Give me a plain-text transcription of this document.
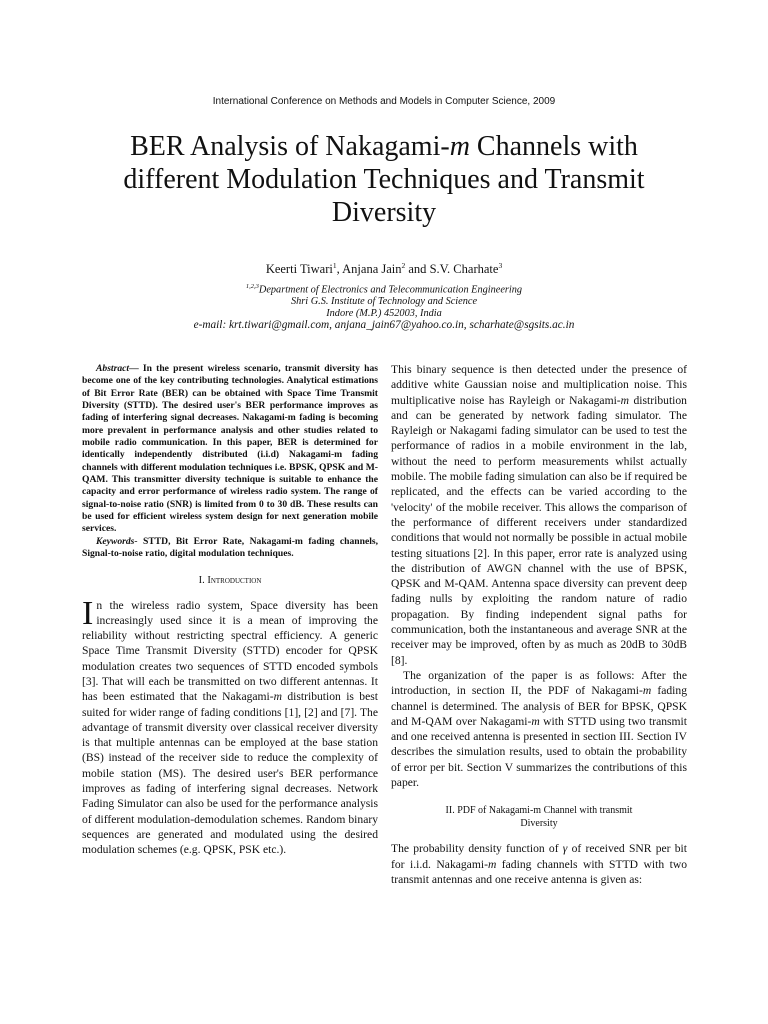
International Conference on Methods and Models in Computer Science, 2009
BER Analysis of Nakagami-m Channels with
different Modulation Techniques and Transmit
Diversity
Keerti Tiwari$^1$, Anjana Jain$^2$ and S.V. Charhate$^3$
$^{1,2,3}$Department of Electronics and Telecommunication Engineering
Shri G.S. Institute of Technology and Science
Indore (M.P.) 452003, India
e-mail: krt.tiwari@gmail.com, anjana_jain67@yahoo.co.in, scharhate@sgsits.ac.in

Abstract— In the present wireless scenario, transmit diversity has become one of the key contributing technologies. Analytical estimations of Bit Error Rate (BER) can be obtained with Space Time Transmit Diversity (STTD). The desired user's BER performance improves as fading of interfering signal decreases. Nakagami-m fading is becoming more prevalent in performance analysis and other studies related to mobile radio communication. In this paper, BER is determined for identically independently distributed (i.i.d) Nakagami-m fading channels with different modulation techniques i.e. BPSK, QPSK and M-QAM. This transmitter diversity technique is suitable to enhance the capacity and error performance of wireless radio system. The range of signal-to-noise ratio (SNR) is limited from 0 to 30 dB. These results can be used for efficient wireless system design for next generation mobile services.

Keywords- STTD, Bit Error Rate, Nakagami-m fading channels, Signal-to-noise ratio, digital modulation techniques.

I. Introduction

In the wireless radio system, Space diversity has been increasingly used since it is a mean of improving the reliability without restricting spectral efficiency. A generic Space Time Transmit Diversity (STTD) encoder for QPSK modulation creates two sequences of STTD encoded symbols [3]. That will each be transmitted on two different antennas. It has been estimated that the Nakagami-m distribution is best suited for wider range of fading conditions [1], [2] and [7]. The advantage of transmit diversity over classical receiver diversity is that multiple antennas can be employed at the base station (BS) instead of the receiver side to reduce the complexity of mobile station (MS). The desired user's BER performance improves as fading of interfering signal decreases. Network Fading Simulator can also be used for the performance analysis of different modulation-demodulation schemes. Random binary sequences are generated and modulated using the desired modulation schemes (e.g. QPSK, PSK etc.).

This binary sequence is then detected under the presence of additive white Gaussian noise and multiplication noise. This multiplicative noise has Rayleigh or Nakagami-m distribution and can be generated by network fading simulator. The Rayleigh or Nakagami fading simulator can be used to test the performance of radios in a mobile environment in the lab, without the need to perform measurements whilst actually mobile. The mobile fading simulation can also be if required be replicated, and the effects can be varied according to the 'velocity' of the mobile receiver. This allows the comparison of the performance of different receivers under standardized conditions that would not normally be possible in actual mobile testing situations [2]. In this paper, error rate is analyzed using the distribution of AWGN channel with the use of BPSK, QPSK and M-QAM. Antenna space diversity can prevent deep fading nulls by exploiting the random nature of radio propagation. By finding independent signal paths for communication, both the instantaneous and average SNR at the receiver may be improved, often by as much as 20dB to 30dB [8].

The organization of the paper is as follows: After the introduction, in section II, the PDF of Nakagami-m fading channel is determined. The analysis of BER for BPSK, QPSK and M-QAM over Nakagami-m with STTD using two transmit and one received antenna is presented in section III. Section IV describes the simulation results, used to obtain the probability of error per bit. Section V summarizes the contributions of this paper.

II. PDF of Nakagami-m Channel with transmit
Diversity

The probability density function of γ of received SNR per bit for i.i.d. Nakagami-m fading channels with STTD with two transmit antennas and one receive antenna is given as:
